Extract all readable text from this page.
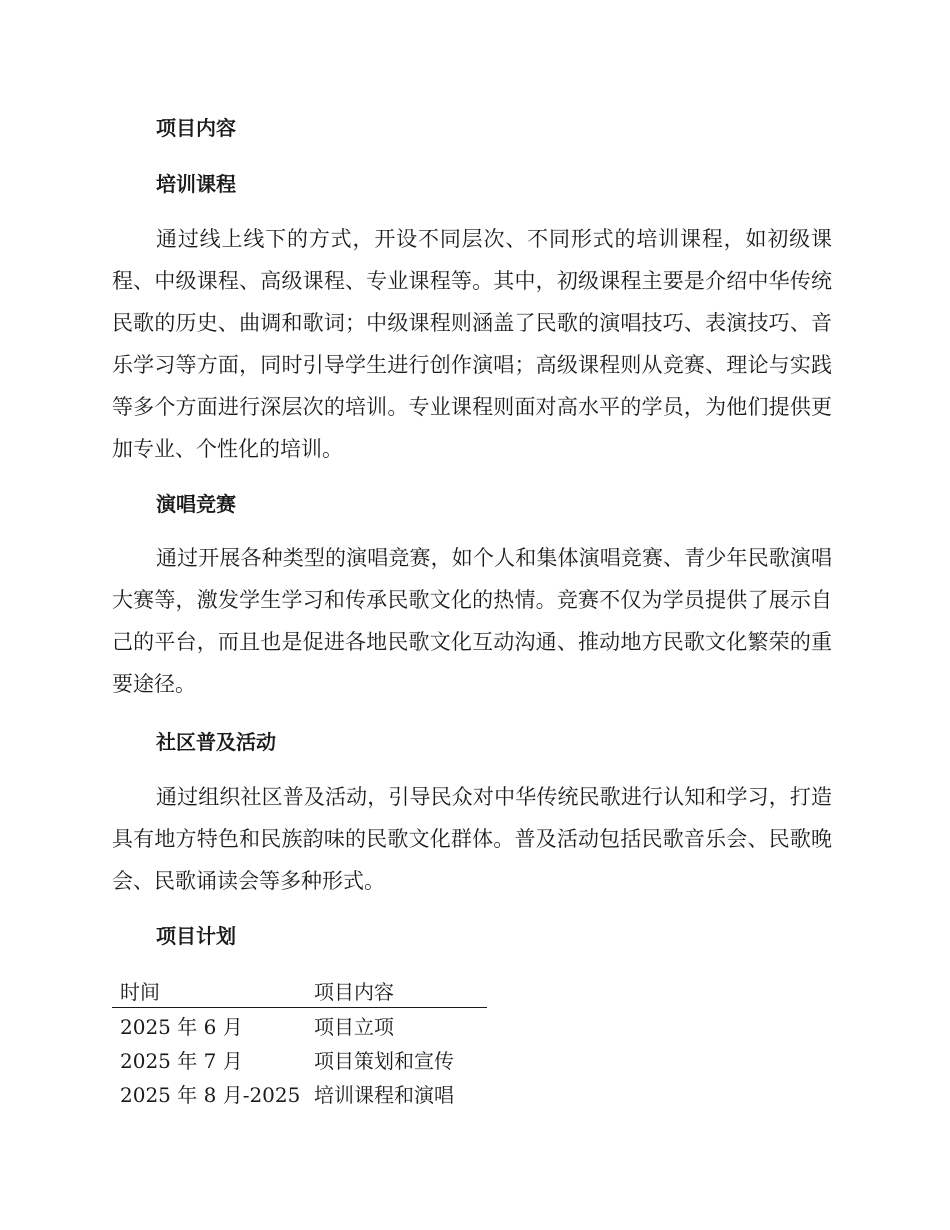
项目内容
培训课程

通过线上线下的方式，开设不同层次、不同形式的培训课程，如初级课程、中级课程、高级课程、专业课程等。其中，初级课程主要是介绍中华传统民歌的历史、曲调和歌词；中级课程则涵盖了民歌的演唱技巧、表演技巧、音乐学习等方面，同时引导学生进行创作演唱；高级课程则从竞赛、理论与实践等多个方面进行深层次的培训。专业课程则面对高水平的学员，为他们提供更加专业、个性化的培训。

演唱竞赛

通过开展各种类型的演唱竞赛，如个人和集体演唱竞赛、青少年民歌演唱大赛等，激发学生学习和传承民歌文化的热情。竞赛不仅为学员提供了展示自己的平台，而且也是促进各地民歌文化互动沟通、推动地方民歌文化繁荣的重要途径。

社区普及活动

通过组织社区普及活动，引导民众对中华传统民歌进行认知和学习，打造具有地方特色和民族韵味的民歌文化群体。普及活动包括民歌音乐会、民歌晚会、民歌诵读会等多种形式。

项目计划
时间	项目内容
2025 年 6 月	项目立项
2025 年 7 月	项目策划和宣传
2025 年 8 月-2025	培训课程和演唱
